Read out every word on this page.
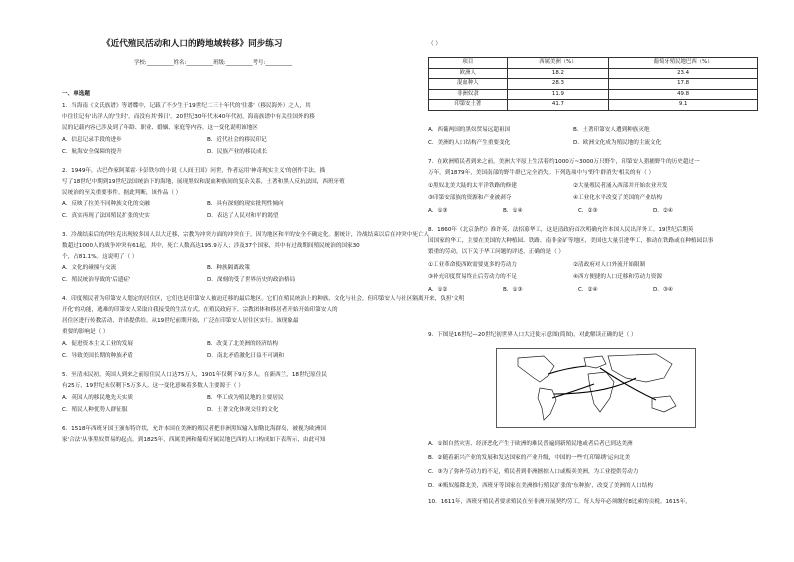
《近代殖民活动和人口的跨地域转移》同步练习
学校:__________姓名:__________班级:__________考号:__________
一、单选题
1．当海南《文氏族谱》等谱牒中，记载了不少生于19世纪二三十年代的'往番'（移民海外）之人，其
中往往记有'出洋人的'生时'，而没有其'葬日'。20世纪30年代末40年代初，海南族谱中有关往国外的移
民的记载内容已涉及到了年龄、职业、婚姻、家庭等内容。这一变化说明该地区
A．信息记录手段的进步	B．近代社会的移民印记
C．航海安全保障的提升	D．民族产业的移民成长
2．1949年，古巴作家阿莱霍·卡彭铁尔的小说《人间王国》问世，作者运用'神奇现实主义'的创作手法，描
写了18世纪中期到19世纪法国统治下的海地，展现黑奴和混血种族间的复杂关系，土著和黑人反抗法国，西班牙殖
民统治的至关重要事件。据此判断，该作品（ ）
A．反映了拉美不同种族文化的交融	B．具有深刻的现实批判性倾向
C．真实再现了法国殖民扩张的史实	D．表达了人民对和平的渴望
3．冷战结束后的伊拉克出现较多国人以大迁移，宗教为冲突方面的冲突在于，因为地区和平的安全不确定化。据统计，冷战结束以后在冲突中死亡人
数超过1000人的战争冲突有61起，其中，死亡人数高达195.9万人；涉及37个国家，其中有过战期间殖民统治的国家30
个，占81.1%。这说明了（ ）
A．文化的碰撞与交流	B．种族隔离政策
C．殖民统治导致的'后遗症'	D．深刻的受了世界历史的政治格局
4．印度殖民者为印第安人划定的居住区，它们也是印第安人被迫迁移的最后地区。它们在殖民统治上的种族、文化与社会，但印第安人与社区隔离开来，负担'文明
开化'的功能，逃难的印第安人采取自我接受的生活方式。在殖民政府下，宗教团体和移居者开始开始印第安人的
居住区进行传教活动，许诺提供给。从19世纪前期开始，广泛在印第安人居住区实行。该现象最
重要的影响是（ ）
A．促进资本主义工业的发展	B．改变了北美洲的经济结构
C．导致美国长期的种族矛盾	D．南北矛盾激化日益不可调和
5．至清末民初，英国人到来之前原住民人口达75万人，1901年仅剩下9万多人。在新西兰，18世纪原住民
有25万，19世纪末仅剩下5万多人。这一变化意味着多数人主要源于（ ）
A．英国人的移民地先天实质	B．华工成为殖民地的主要居民
C．殖民人种优势人群征服	D．土著文化体现交往的文化
6．1518年西班牙国王颁布特许状，允许本国在美洲的殖民者把非洲黑奴输入加勒比海群岛，被视为欧洲国
家'合法'从事黑奴贸易的起点。到1825年，西属美洲和葡萄牙属民地巴西的人口构成如下表所示，由此可知
（ ）
项目	西属美洲（%）	葡萄牙殖民地巴西（%）
欧洲人	18.2	23.4
混血种人	28.3	17.8
非洲奴隶	11.9	49.8
印第安土著	41.7	9.1
A．西葡两国的黑奴贸易远超祖国	B．土著印第安人遭到种族灭绝
C．美洲的人口结构产生重要变化	D．欧洲文化成为殖民地的主流文化
7．在欧洲殖民者到来之前，美洲大平原上生活着约1000万~3000万只野牛，印第安人猎捕野牛的历史超过一
万年。到1879年，美国南部的野牛群已完全消失。下列选项中与'野牛群消失'相关的有（ ）
①黑奴北美大陆的太平洋铁路的修建	②大量殖民者涌入西部并开始农业开发
③印第安部族的资源和产业被剥夺	④工业化水平改变了美国的产业结构
A．①③	B．①④	C．②③	D．②④
8．1860年《北京条约》准许英、法招募华工，这是清政府首次明确允许本国人民出洋务工。19世纪后期英
国国家的华工，主要在美国的大种植园、铁路、南非金矿等地区，美国也大量引进华工，推动在铁路或在种植园以事
繁重的劳动，以下关于华工问题的评述，正确的是（ ）
①工业革命使西欧需要更多的劳动力	②清政府对人口外流开始限制
③补充印度贸易终止后劳动力的不足	④西方便捷的人口迁移和劳动力资源
A．①②	B．①③	C．②④	D．③④
9．下图是16世纪—20世纪初世界人口大迁徙示意图(简图)，对此解读正确的是（ ）
A．①图自然灾害、经济恶化产生于欧洲的难民普遍到新殖民地或者后者已到达美洲
B．②随着新兴产业的发展和发达国家的产业升级，中国的一些'红印锦绣'运向北美
C．③为了弥补劳动力的不足，殖民者到非洲掳掠人口或贩卖美洲，为工业提供劳动力
D．④贩奴船降北美，西班牙等国家在美洲推行殖民扩张的'东种族'，改变了美洲的人口结构
10．1611年，西班牙殖民者要求殖民在至非洲开展契约劳工，每人每年必须缴付8比索的贡税。1615年，
